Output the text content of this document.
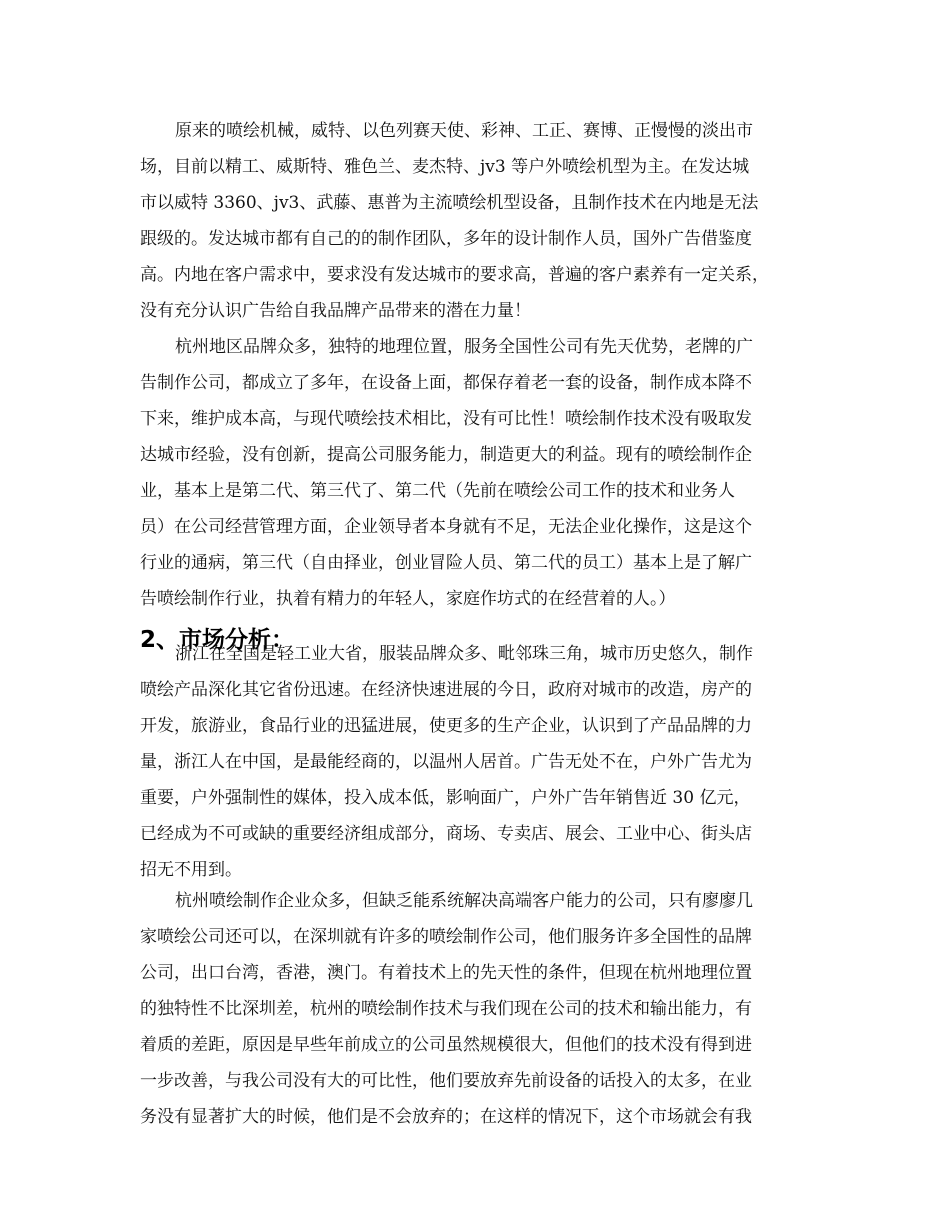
原来的喷绘机械，威特、以色列赛天使、彩神、工正、赛博、正慢慢的淡出市
场，目前以精工、威斯特、雅色兰、麦杰特、jv3 等户外喷绘机型为主。在发达城
市以威特 3360、jv3、武藤、惠普为主流喷绘机型设备，且制作技术在内地是无法
跟级的。发达城市都有自己的的制作团队，多年的设计制作人员，国外广告借鉴度
高。内地在客户需求中，要求没有发达城市的要求高，普遍的客户素养有一定关系，
没有充分认识广告给自我品牌产品带来的潜在力量！
杭州地区品牌众多，独特的地理位置，服务全国性公司有先天优势，老牌的广
告制作公司，都成立了多年，在设备上面，都保存着老一套的设备，制作成本降不
下来，维护成本高，与现代喷绘技术相比，没有可比性！喷绘制作技术没有吸取发
达城市经验，没有创新，提高公司服务能力，制造更大的利益。现有的喷绘制作企
业，基本上是第二代、第三代了、第二代（先前在喷绘公司工作的技术和业务人
员）在公司经营管理方面，企业领导者本身就有不足，无法企业化操作，这是这个
行业的通病，第三代（自由择业，创业冒险人员、第二代的员工）基本上是了解广
告喷绘制作行业，执着有精力的年轻人，家庭作坊式的在经营着的人。）
2、市场分析：
浙江在全国是轻工业大省，服装品牌众多、毗邻珠三角，城市历史悠久，制作
喷绘产品深化其它省份迅速。在经济快速进展的今日，政府对城市的改造，房产的
开发，旅游业，食品行业的迅猛进展，使更多的生产企业，认识到了产品品牌的力
量，浙江人在中国，是最能经商的，以温州人居首。广告无处不在，户外广告尤为
重要，户外强制性的媒体，投入成本低，影响面广，户外广告年销售近 30 亿元，
已经成为不可或缺的重要经济组成部分，商场、专卖店、展会、工业中心、街头店
招无不用到。
杭州喷绘制作企业众多，但缺乏能系统解决高端客户能力的公司，只有廖廖几
家喷绘公司还可以，在深圳就有许多的喷绘制作公司，他们服务许多全国性的品牌
公司，出口台湾，香港，澳门。有着技术上的先天性的条件，但现在杭州地理位置
的独特性不比深圳差，杭州的喷绘制作技术与我们现在公司的技术和输出能力，有
着质的差距，原因是早些年前成立的公司虽然规模很大，但他们的技术没有得到进
一步改善，与我公司没有大的可比性，他们要放弃先前设备的话投入的太多，在业
务没有显著扩大的时候，他们是不会放弃的；在这样的情况下，这个市场就会有我
